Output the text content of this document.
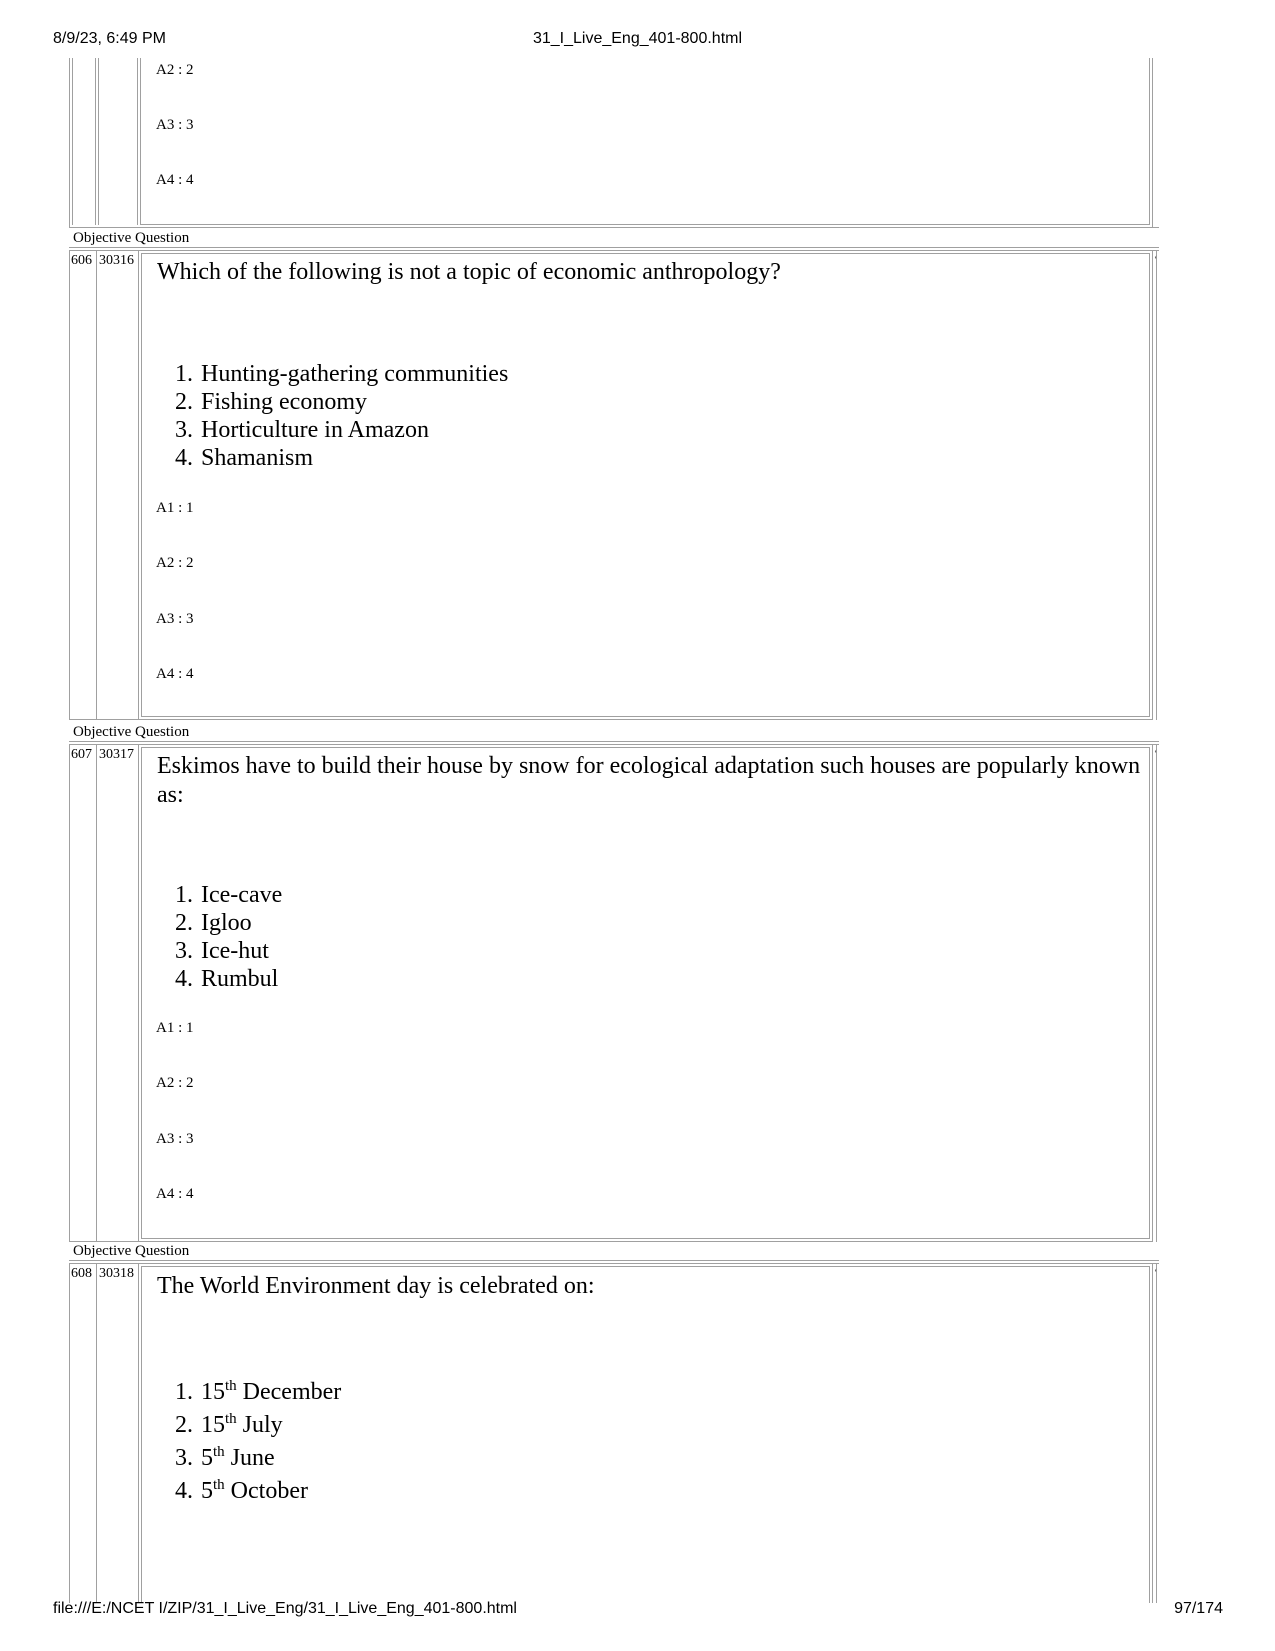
8/9/23, 6:49 PM	31_I_Live_Eng_401-800.html
A2 : 2
A3 : 3
A4 : 4
Objective Question
‘
606 30316 Which of the following is not a topic of economic anthropology?
1. Hunting-gathering communities
2. Fishing economy
3. Horticulture in Amazon
4. Shamanism
A1 : 1
A2 : 2
A3 : 3
A4 : 4
Objective Question
‘
607 30317 Eskimos have to build their house by snow for ecological adaptation such houses are popularly known as:
1. Ice-cave
2. Igloo
3. Ice-hut
4. Rumbul
A1 : 1
A2 : 2
A3 : 3
A4 : 4
Objective Question
‘
608 30318 The World Environment day is celebrated on:
1. 15th December
2. 15th July
3. 5th June
4. 5th October
file:///E:/NCET I/ZIP/31_I_Live_Eng/31_I_Live_Eng_401-800.html	97/174
